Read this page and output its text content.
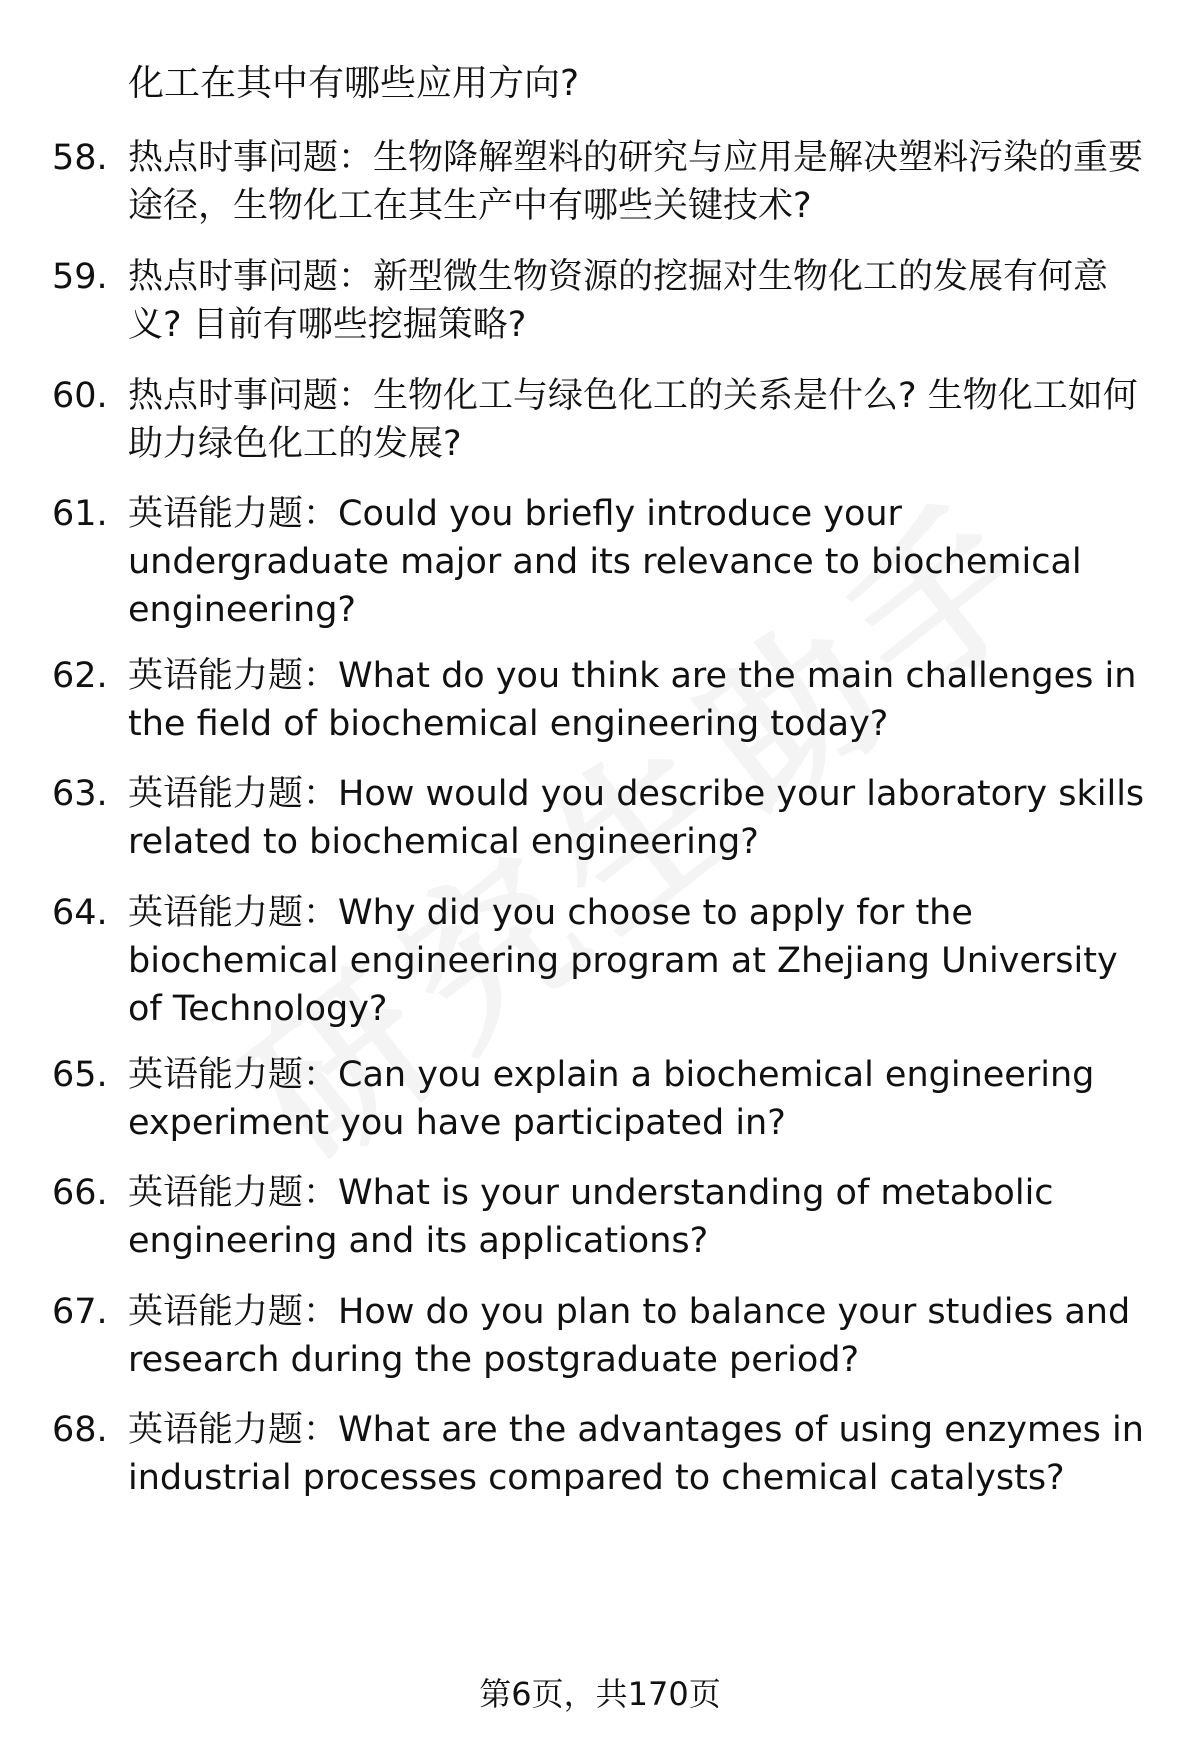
化工在其中有哪些应用方向?
58. 热点时事问题：生物降解塑料的研究与应用是解决塑料污染的重要途径，生物化工在其生产中有哪些关键技术?
59. 热点时事问题：新型微生物资源的挖掘对生物化工的发展有何意义? 目前有哪些挖掘策略?
60. 热点时事问题：生物化工与绿色化工的关系是什么? 生物化工如何助力绿色化工的发展?
61. 英语能力题：Could you briefly introduce your undergraduate major and its relevance to biochemical engineering?
62. 英语能力题：What do you think are the main challenges in the field of biochemical engineering today?
63. 英语能力题：How would you describe your laboratory skills related to biochemical engineering?
64. 英语能力题：Why did you choose to apply for the biochemical engineering program at Zhejiang University of Technology?
65. 英语能力题：Can you explain a biochemical engineering experiment you have participated in?
66. 英语能力题：What is your understanding of metabolic engineering and its applications?
67. 英语能力题：How do you plan to balance your studies and research during the postgraduate period?
68. 英语能力题：What are the advantages of using enzymes in industrial processes compared to chemical catalysts?
第6页，共170页
